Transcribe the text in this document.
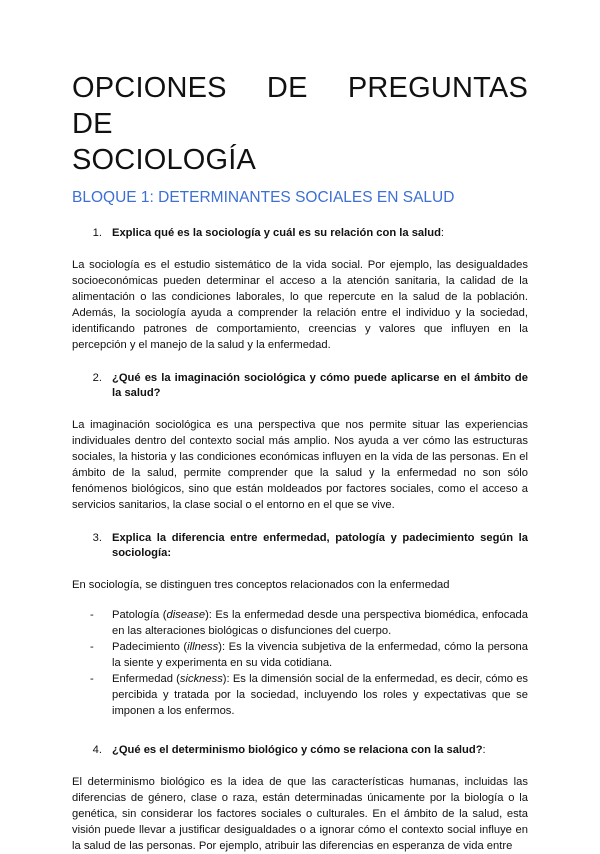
OPCIONES DE PREGUNTAS DE
SOCIOLOGÍA
BLOQUE 1: DETERMINANTES SOCIALES EN SALUD
1. Explica qué es la sociología y cuál es su relación con la salud:

La sociología es el estudio sistemático de la vida social. Por ejemplo, las desigualdades socioeconómicas pueden determinar el acceso a la atención sanitaria, la calidad de la alimentación o las condiciones laborales, lo que repercute en la salud de la población. Además, la sociología ayuda a comprender la relación entre el individuo y la sociedad, identificando patrones de comportamiento, creencias y valores que influyen en la percepción y el manejo de la salud y la enfermedad.

2. ¿Qué es la imaginación sociológica y cómo puede aplicarse en el ámbito de la salud?

La imaginación sociológica es una perspectiva que nos permite situar las experiencias individuales dentro del contexto social más amplio. Nos ayuda a ver cómo las estructuras sociales, la historia y las condiciones económicas influyen en la vida de las personas. En el ámbito de la salud, permite comprender que la salud y la enfermedad no son sólo fenómenos biológicos, sino que están moldeados por factores sociales, como el acceso a servicios sanitarios, la clase social o el entorno en el que se vive.

3. Explica la diferencia entre enfermedad, patología y padecimiento según la sociología:

En sociología, se distinguen tres conceptos relacionados con la enfermedad

-	Patología (disease): Es la enfermedad desde una perspectiva biomédica, enfocada en las alteraciones biológicas o disfunciones del cuerpo.
-	Padecimiento (illness): Es la vivencia subjetiva de la enfermedad, cómo la persona la siente y experimenta en su vida cotidiana.
-	Enfermedad (sickness): Es la dimensión social de la enfermedad, es decir, cómo es percibida y tratada por la sociedad, incluyendo los roles y expectativas que se imponen a los enfermos.
4. ¿Qué es el determinismo biológico y cómo se relaciona con la salud?:

El determinismo biológico es la idea de que las características humanas, incluidas las diferencias de género, clase o raza, están determinadas únicamente por la biología o la genética, sin considerar los factores sociales o culturales. En el ámbito de la salud, esta visión puede llevar a justificar desigualdades o a ignorar cómo el contexto social influye en la salud de las personas. Por ejemplo, atribuir las diferencias en esperanza de vida entre
